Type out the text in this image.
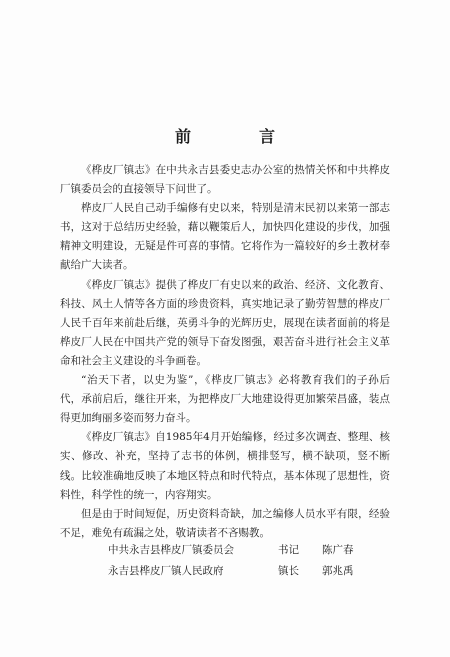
前　言

《桦皮厂镇志》在中共永吉县委史志办公室的热情关怀和中共桦皮厂镇委员会的直接领导下问世了。

桦皮厂人民自己动手编修有史以来，特别是清末民初以来第一部志书，这对于总结历史经验，藉以鞭策后人，加快四化建设的步伐，加强精神文明建设，无疑是件可喜的事情。它将作为一篇较好的乡土教材奉献给广大读者。

《桦皮厂镇志》提供了桦皮厂有史以来的政治、经济、文化教育、科技、风土人情等各方面的珍贵资料，真实地记录了勤劳智慧的桦皮厂人民千百年来前赴后继，英勇斗争的光辉历史，展现在读者面前的将是桦皮厂人民在中国共产党的领导下奋发图强，艰苦奋斗进行社会主义革命和社会主义建设的斗争画卷。

“治天下者，以史为鉴”，《桦皮厂镇志》必将教育我们的子孙后代，承前启后，继往开来，为把桦皮厂大地建设得更加繁荣昌盛，装点得更加绚丽多姿而努力奋斗。

《桦皮厂镇志》自1985年4月开始编修，经过多次调查、整理、核实、修改、补充，坚持了志书的体例，横排竖写，横不缺项，竖不断线。比较准确地反映了本地区特点和时代特点，基本体现了思想性，资料性，科学性的统一，内容翔实。

但是由于时间短促，历史资料奇缺，加之编修人员水平有限，经验不足，难免有疏漏之处，敬请读者不吝赐教。

中共永吉县桦皮厂镇委员会	书记	陈广春
永吉县桦皮厂镇人民政府	镇长	郭兆禹
